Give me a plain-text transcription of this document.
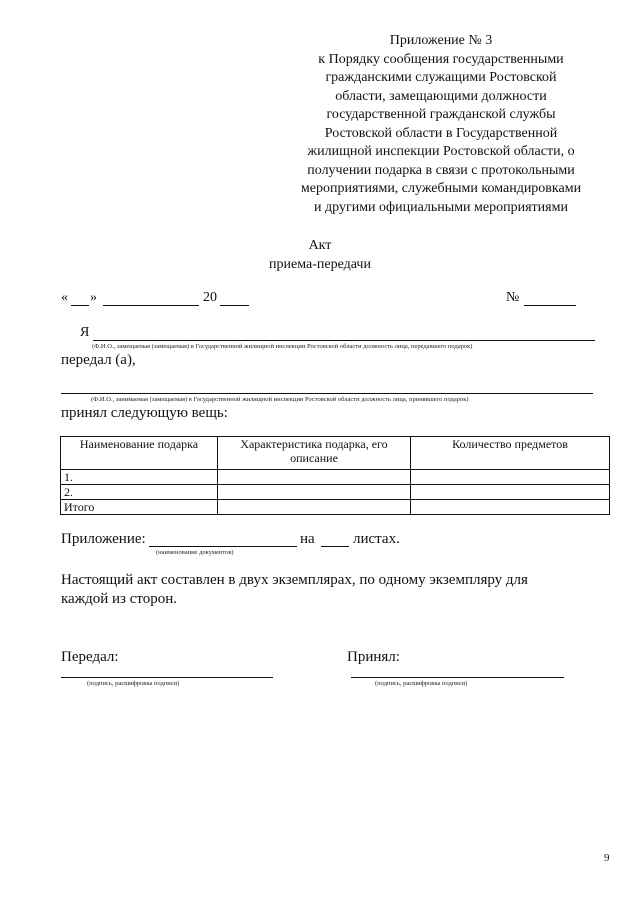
Приложение № 3
к Порядку сообщения государственными
гражданскими служащими Ростовской
области, замещающими должности
государственной гражданской службы
Ростовской области в Государственной
жилищной инспекции Ростовской области, о
получении подарка в связи с протокольными
мероприятиями, служебными командировками
и другими официальными мероприятиями
Акт
приема-передачи
« »	20	№
Я
(Ф.И.О., замещаемая (замещаемая) в Государственной жилищной инспекции Ростовской области должность лица, передавшего подарок)
передал (а),
(Ф.И.О., занимаемая (замещаемая) в Государственной жилищной инспекции Ростовской области должность лица, принявшего подарок)
принял следующую вещь:
Наименование подарка	Характеристика подарка, его описание	Количество предметов
1.		
2.		
Итого		
Приложение:	на	листах.
(наименование документов)
Настоящий акт составлен в двух экземплярах, по одному экземпляру для
каждой из сторон.
Передал:	Принял:
(подпись, расшифровка подписи)	(подпись, расшифровка подписи)
9
